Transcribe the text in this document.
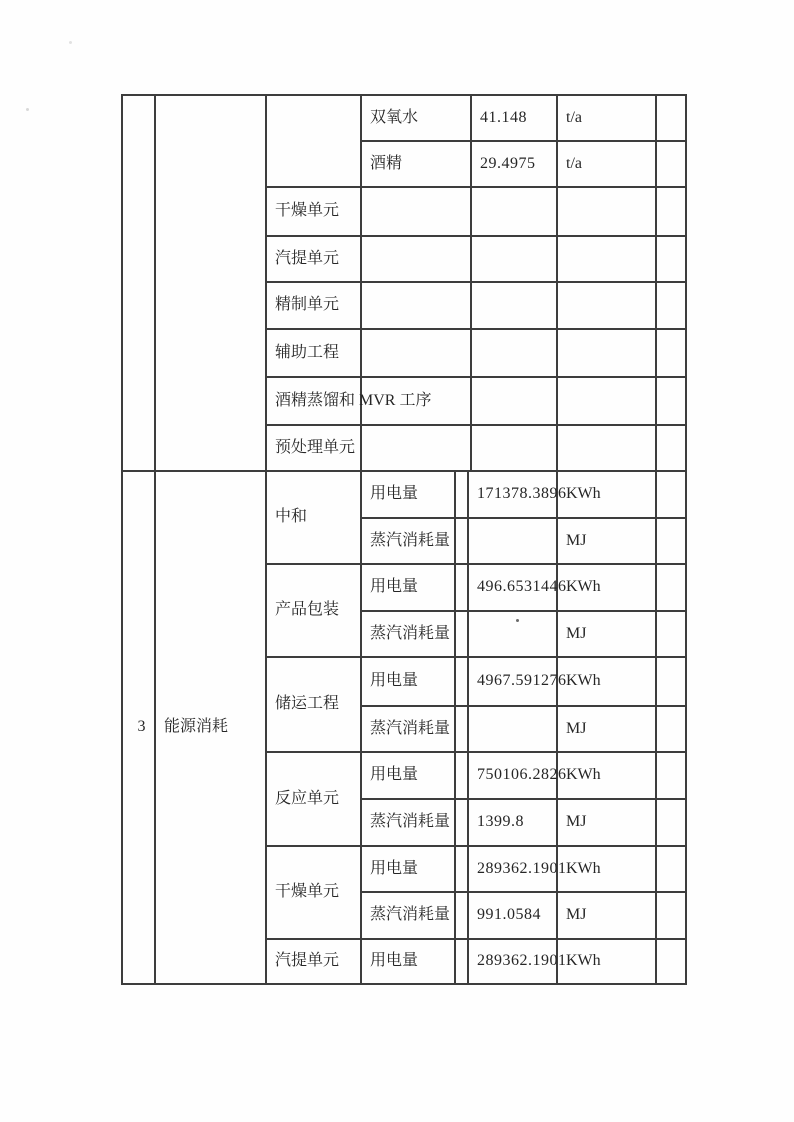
			双氧水	41.148	t/a	
			酒精	29.4975	t/a	
		干燥单元				
		汽提单元				
		精制单元				
		辅助工程				
		酒精蒸馏和 MVR 工序				
		预处理单元				
3	能源消耗	中和	用电量		171378.3896	KWh	
			蒸汽消耗量			MJ	
		产品包装	用电量		496.6531446	KWh	
			蒸汽消耗量			MJ	
		储运工程	用电量		4967.591276	KWh	
			蒸汽消耗量			MJ	
		反应单元	用电量		750106.2826	KWh	
			蒸汽消耗量		1399.8	MJ	
		干燥单元	用电量		289362.1901	KWh	
			蒸汽消耗量		991.0584	MJ	
		汽提单元	用电量		289362.1901	KWh	
